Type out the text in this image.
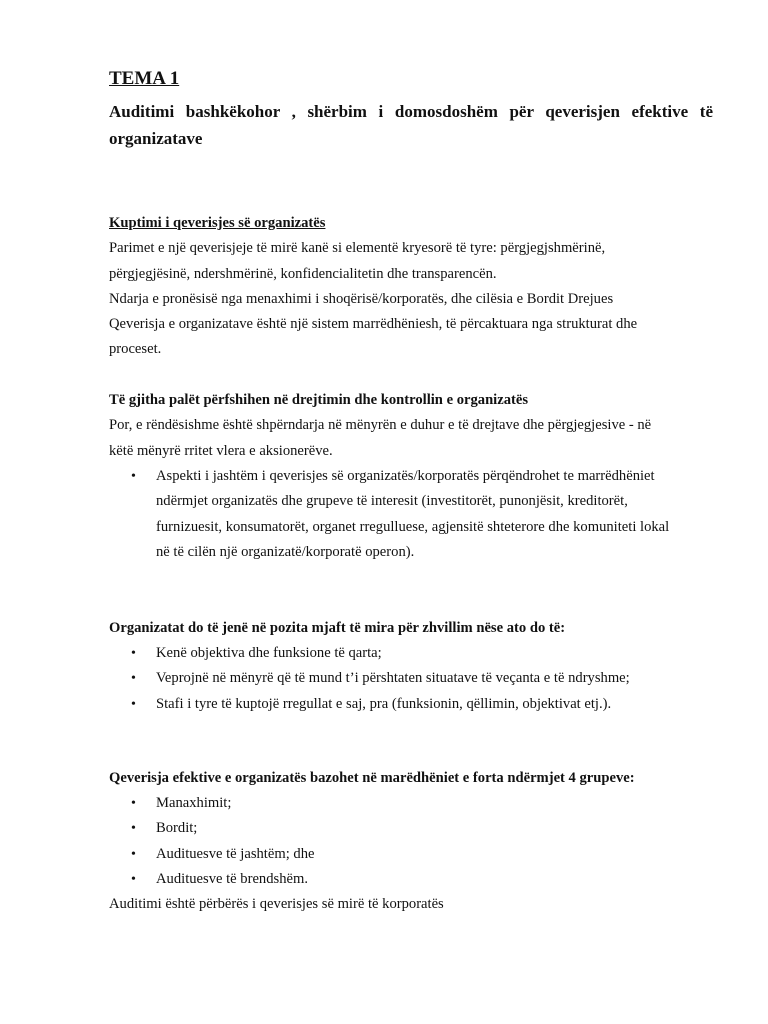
TEMA 1
Auditimi bashkëkohor , shërbim i domosdoshëm për qeverisjen efektive të
organizatave
Kuptimi i qeverisjes së organizatës
Parimet e një qeverisjeje të mirë kanë si elementë kryesorë të tyre: përgjegjshmërinë,
përgjegjësinë, ndershmërinë, konfidencialitetin dhe transparencën.
Ndarja e pronësisë nga menaxhimi i shoqërisë/korporatës, dhe cilësia e Bordit Drejues
Qeverisja e organizatave është një sistem marrëdhëniesh, të përcaktuara nga strukturat dhe
proceset.
Të gjitha palët përfshihen në drejtimin dhe kontrollin e organizatës
Por, e rëndësishme është shpërndarja në mënyrën e duhur e të drejtave dhe përgjegjesive - në
këtë mënyrë rritet vlera e aksionerëve.
• Aspekti i jashtëm i qeverisjes së organizatës/korporatës përqëndrohet te marrëdhëniet
ndërmjet organizatës dhe grupeve të interesit (investitorët, punonjësit, kreditorët,
furnizuesit, konsumatorët, organet rregulluese, agjensitë shteterore dhe komuniteti lokal
në të cilën një organizatë/korporatë operon).
Organizatat do të jenë në pozita mjaft të mira për zhvillim nëse ato do të:
• Kenë objektiva dhe funksione të qarta;
• Veprojnë në mënyrë që të mund t’i përshtaten situatave të veçanta e të ndryshme;
• Stafi i tyre të kuptojë rregullat e saj, pra (funksionin, qëllimin, objektivat etj.).
Qeverisja efektive e organizatës bazohet në marëdhëniet e forta ndërmjet 4 grupeve:
• Manaxhimit;
• Bordit;
• Audituesve të jashtëm; dhe
• Audituesve të brendshëm.
Auditimi është përbërës i qeverisjes së mirë të korporatës
